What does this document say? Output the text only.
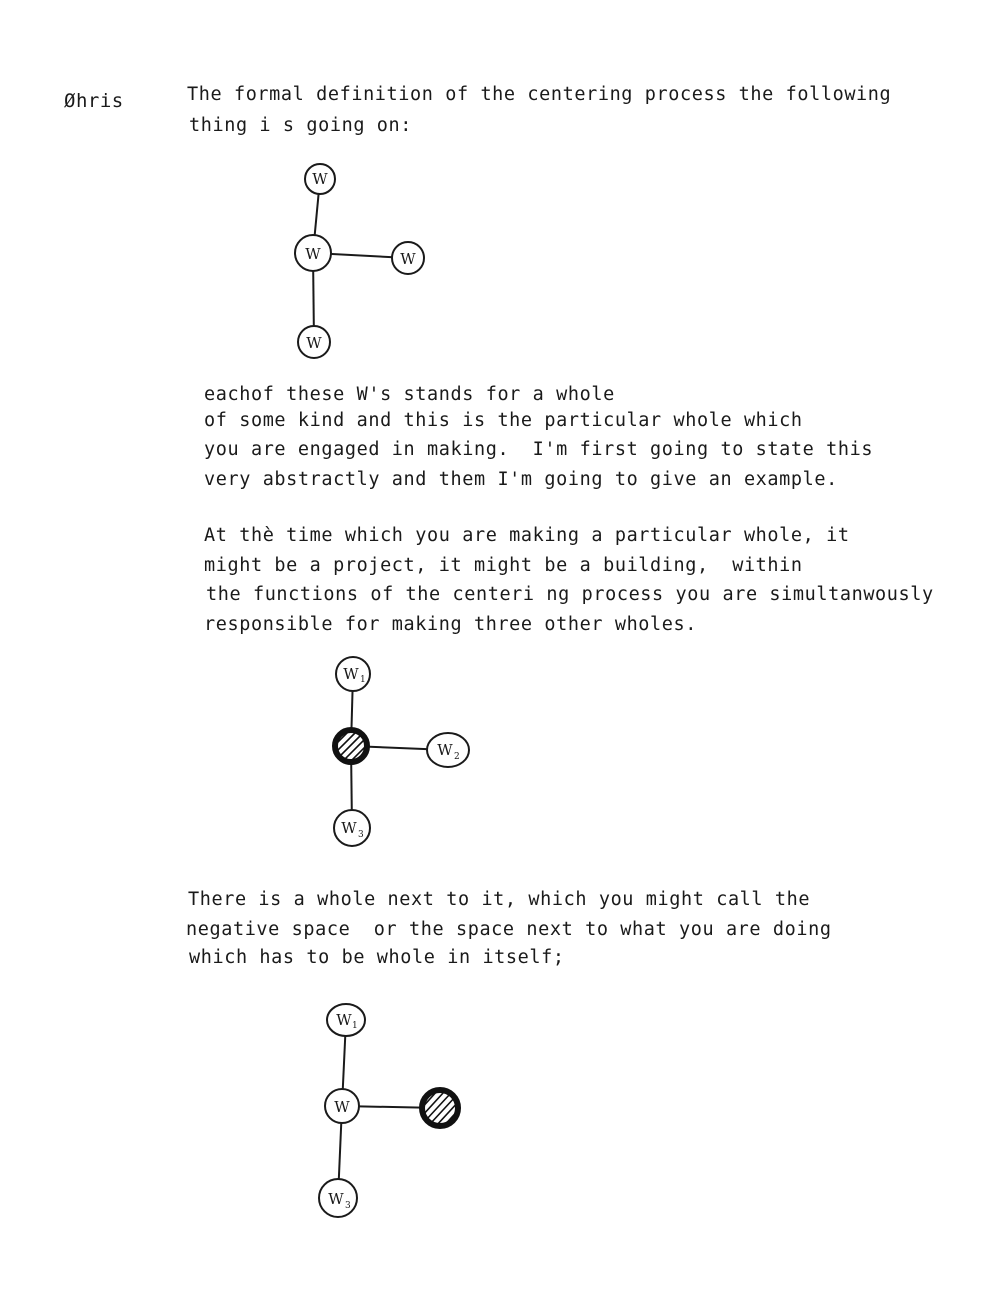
Øhris	The formal definition of the centering process the following
thing i s going on:
W
W	W
W
eachof these W's stands for a whole
of some kind and this is the particular whole which
you are engaged in making.  I'm first going to state this
very abstractly and them I'm going to give an example.
At thè time which you are making a particular whole, it
might be a project, it might be a building,  within
the functions of the centeri ng process you are simultanwously
responsible for making three other wholes.
W 1
W 2
W 3
There is a whole next to it, which you might call the
negative space  or the space next to what you are doing
which has to be whole in itself;
W 1
W
W 3
